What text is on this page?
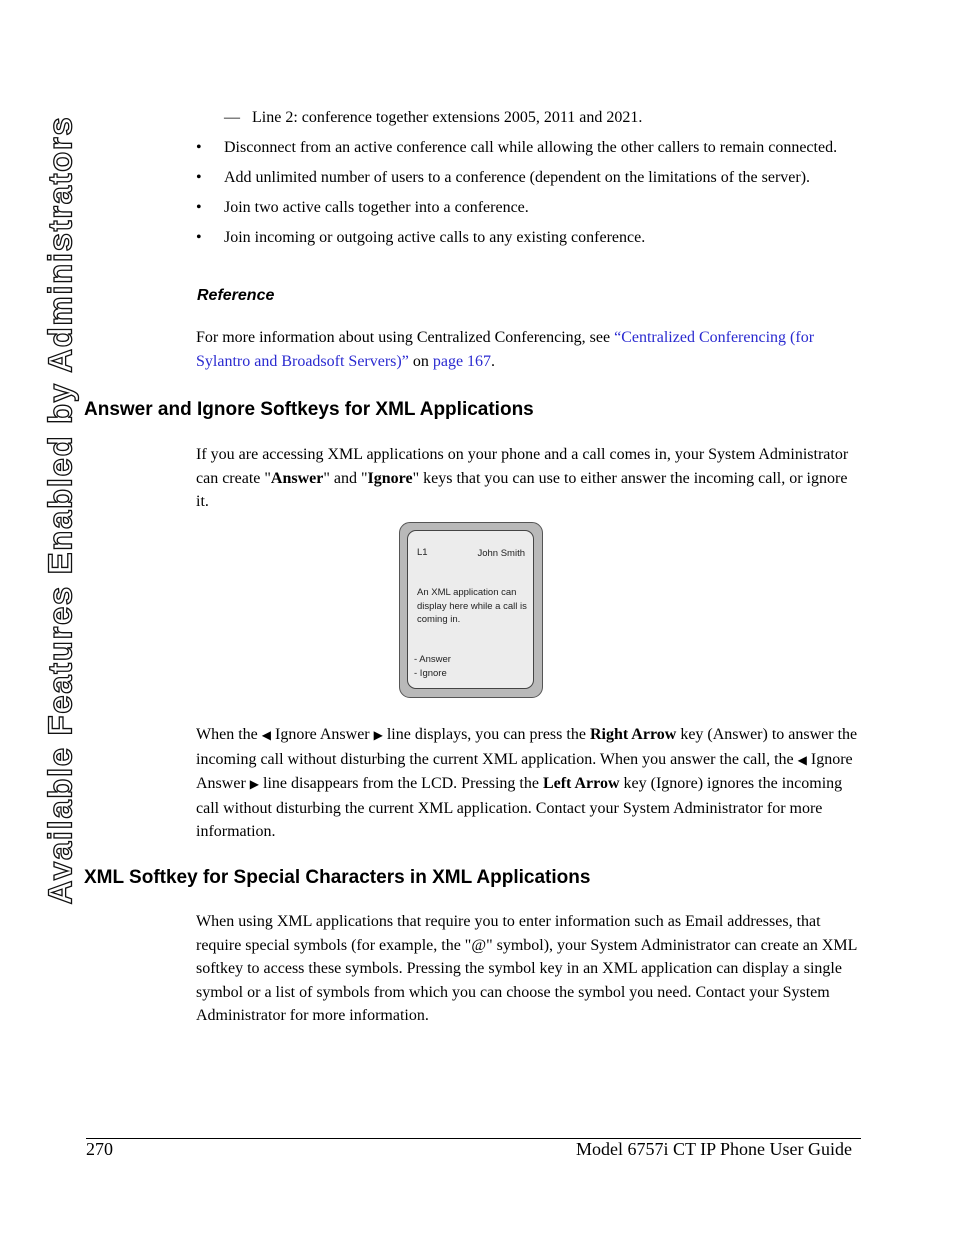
Available Features Enabled by Administrators	— Line 2: conference together extensions 2005, 2011 and 2021.
• Disconnect from an active conference call while allowing the other callers to remain connected.
• Add unlimited number of users to a conference (dependent on the limitations of the server).
• Join two active calls together into a conference.
• Join incoming or outgoing active calls to any existing conference.
Reference
For more information about using Centralized Conferencing, see “Centralized Conferencing (for Sylantro and Broadsoft Servers)” on page 167.
Answer and Ignore Softkeys for XML Applications
If you are accessing XML applications on your phone and a call comes in, your System Administrator can create "Answer" and "Ignore" keys that you can use to either answer the incoming call, or ignore it.
L1	John Smith
An XML application can display here while a call is coming in.
- Answer
- Ignore
When the ◀ Ignore Answer ▶ line displays, you can press the Right Arrow key (Answer) to answer the incoming call without disturbing the current XML application. When you answer the call, the ◀ Ignore Answer ▶ line disappears from the LCD. Pressing the Left Arrow key (Ignore) ignores the incoming call without disturbing the current XML application. Contact your System Administrator for more information.
XML Softkey for Special Characters in XML Applications
When using XML applications that require you to enter information such as Email addresses, that require special symbols (for example, the "@" symbol), your System Administrator can create an XML softkey to access these symbols. Pressing the symbol key in an XML application can display a single symbol or a list of symbols from which you can choose the symbol you need. Contact your System Administrator for more information.
270	Model 6757i CT IP Phone User Guide
